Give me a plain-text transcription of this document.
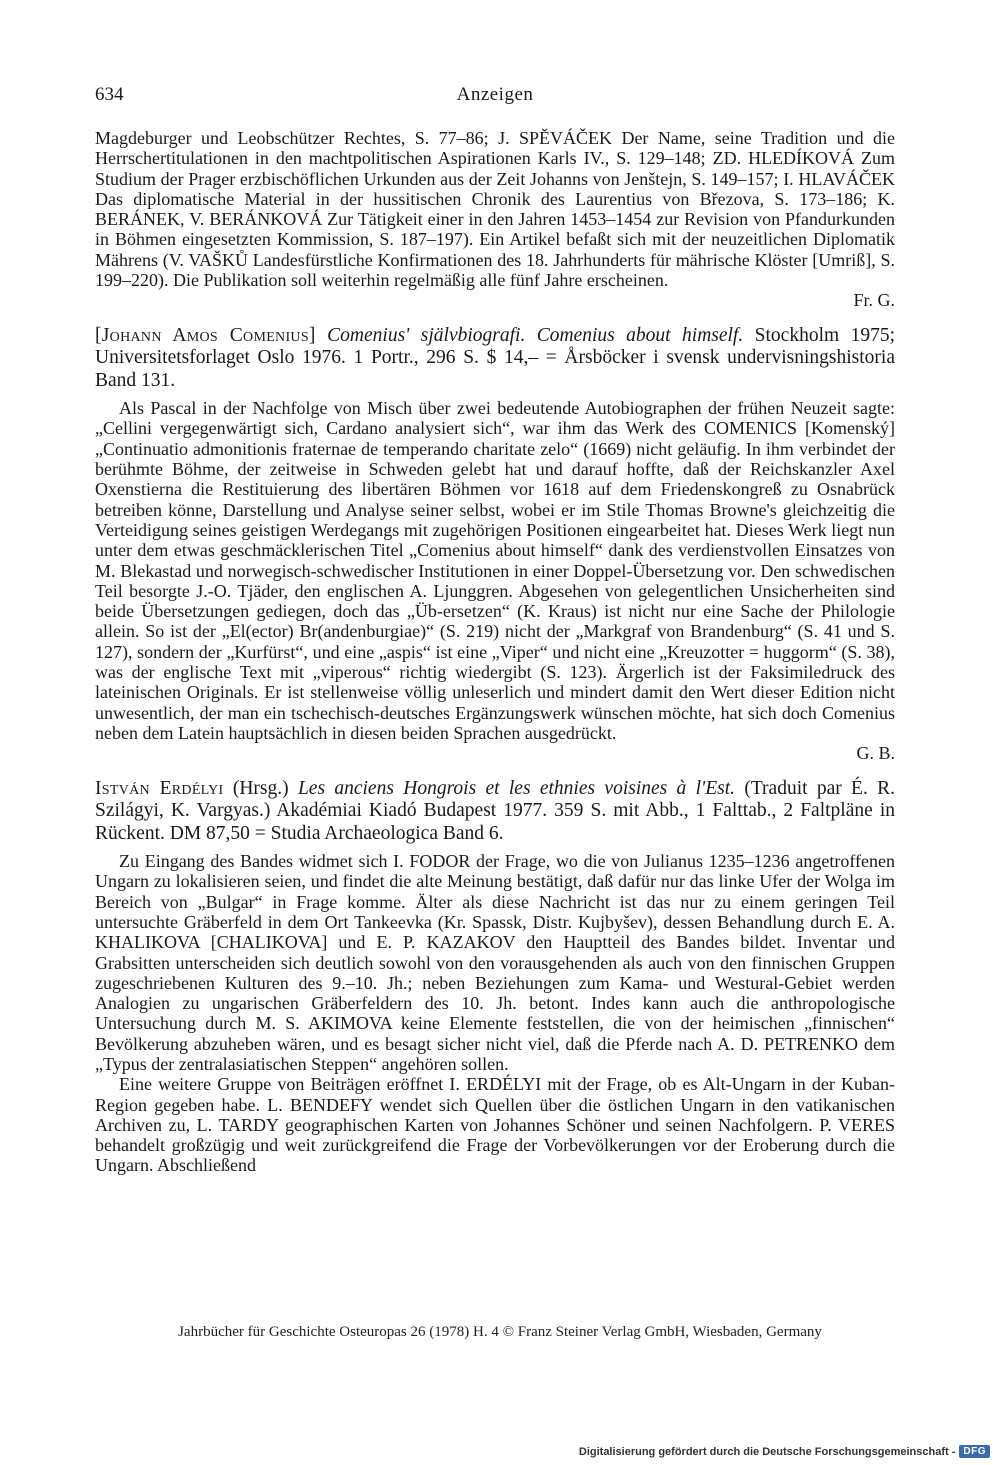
634	Anzeigen

Magdeburger und Leobschützer Rechtes, S. 77–86; J. SPĚVÁČEK Der Name, seine Tradition und die Herrschertitulationen in den machtpolitischen Aspirationen Karls IV., S. 129–148; ZD. HLEDÍKOVÁ Zum Studium der Prager erzbischöflichen Urkunden aus der Zeit Johanns von Jenštejn, S. 149–157; I. HLAVÁČEK Das diplomatische Material in der hussitischen Chronik des Laurentius von Březova, S. 173–186; K. BERÁNEK, V. BERÁNKOVÁ Zur Tätigkeit einer in den Jahren 1453–1454 zur Revision von Pfandurkunden in Böhmen eingesetzten Kommission, S. 187–197). Ein Artikel befaßt sich mit der neuzeitlichen Diplomatik Mährens (V. VAŠKŮ Landesfürstliche Konfirmationen des 18. Jahrhunderts für mährische Klöster [Umriß], S. 199–220). Die Publikation soll weiterhin regelmäßig alle fünf Jahre erscheinen.

Fr. G.

[Johann Amos Comenius] Comenius' självbiografi. Comenius about himself. Stockholm 1975; Universitetsforlaget Oslo 1976. 1 Portr., 296 S. $ 14,– = Årsböcker i svensk undervisningshistoria Band 131.

Als Pascal in der Nachfolge von Misch über zwei bedeutende Autobiographen der frühen Neuzeit sagte: „Cellini vergegenwärtigt sich, Cardano analysiert sich“, war ihm das Werk des COMENICS [Komenský] „Continuatio admonitionis fraternae de temperando charitate zelo“ (1669) nicht geläufig. In ihm verbindet der berühmte Böhme, der zeitweise in Schweden gelebt hat und darauf hoffte, daß der Reichskanzler Axel Oxenstierna die Restituierung des libertären Böhmen vor 1618 auf dem Friedenskongreß zu Osnabrück betreiben könne, Darstellung und Analyse seiner selbst, wobei er im Stile Thomas Browne's gleichzeitig die Verteidigung seines geistigen Werdegangs mit zugehörigen Positionen eingearbeitet hat. Dieses Werk liegt nun unter dem etwas geschmäcklerischen Titel „Comenius about himself“ dank des verdienstvollen Einsatzes von M. Blekastad und norwegisch-schwedischer Institutionen in einer Doppel-Übersetzung vor. Den schwedischen Teil besorgte J.-O. Tjäder, den englischen A. Ljunggren. Abgesehen von gelegentlichen Unsicherheiten sind beide Übersetzungen gediegen, doch das „Üb-ersetzen“ (K. Kraus) ist nicht nur eine Sache der Philologie allein. So ist der „El(ector) Br(andenburgiae)“ (S. 219) nicht der „Markgraf von Brandenburg“ (S. 41 und S. 127), sondern der „Kurfürst“, und eine „aspis“ ist eine „Viper“ und nicht eine „Kreuzotter = huggorm“ (S. 38), was der englische Text mit „viperous“ richtig wiedergibt (S. 123). Ärgerlich ist der Faksimiledruck des lateinischen Originals. Er ist stellenweise völlig unleserlich und mindert damit den Wert dieser Edition nicht unwesentlich, der man ein tschechisch-deutsches Ergänzungswerk wünschen möchte, hat sich doch Comenius neben dem Latein hauptsächlich in diesen beiden Sprachen ausgedrückt.

G. B.

István Erdélyi (Hrsg.) Les anciens Hongrois et les ethnies voisines à l'Est. (Traduit par É. R. Szilágyi, K. Vargyas.) Akadémiai Kiadó Budapest 1977. 359 S. mit Abb., 1 Falttab., 2 Faltpläne in Rückent. DM 87,50 = Studia Archaeologica Band 6.

Zu Eingang des Bandes widmet sich I. FODOR der Frage, wo die von Julianus 1235–1236 angetroffenen Ungarn zu lokalisieren seien, und findet die alte Meinung bestätigt, daß dafür nur das linke Ufer der Wolga im Bereich von „Bulgar“ in Frage komme. Älter als diese Nachricht ist das nur zu einem geringen Teil untersuchte Gräberfeld in dem Ort Tankeevka (Kr. Spassk, Distr. Kujbyšev), dessen Behandlung durch E. A. KHALIKOVA [CHALIKOVA] und E. P. KAZAKOV den Hauptteil des Bandes bildet. Inventar und Grabsitten unterscheiden sich deutlich sowohl von den vorausgehenden als auch von den finnischen Gruppen zugeschriebenen Kulturen des 9.–10. Jh.; neben Beziehungen zum Kama- und Westural-Gebiet werden Analogien zu ungarischen Gräberfeldern des 10. Jh. betont. Indes kann auch die anthropologische Untersuchung durch M. S. AKIMOVA keine Elemente feststellen, die von der heimischen „finnischen“ Bevölkerung abzuheben wären, und es besagt sicher nicht viel, daß die Pferde nach A. D. PETRENKO dem „Typus der zentralasiatischen Steppen“ angehören sollen.

Eine weitere Gruppe von Beiträgen eröffnet I. ERDÉLYI mit der Frage, ob es Alt-Ungarn in der Kuban-Region gegeben habe. L. BENDEFY wendet sich Quellen über die östlichen Ungarn in den vatikanischen Archiven zu, L. TARDY geographischen Karten von Johannes Schöner und seinen Nachfolgern. P. VERES behandelt großzügig und weit zurückgreifend die Frage der Vorbevölkerungen vor der Eroberung durch die Ungarn. Abschließend

Jahrbücher für Geschichte Osteuropas 26 (1978) H. 4 © Franz Steiner Verlag GmbH, Wiesbaden, Germany
Digitalisierung gefördert durch die Deutsche Forschungsgemeinschaft - DFG
